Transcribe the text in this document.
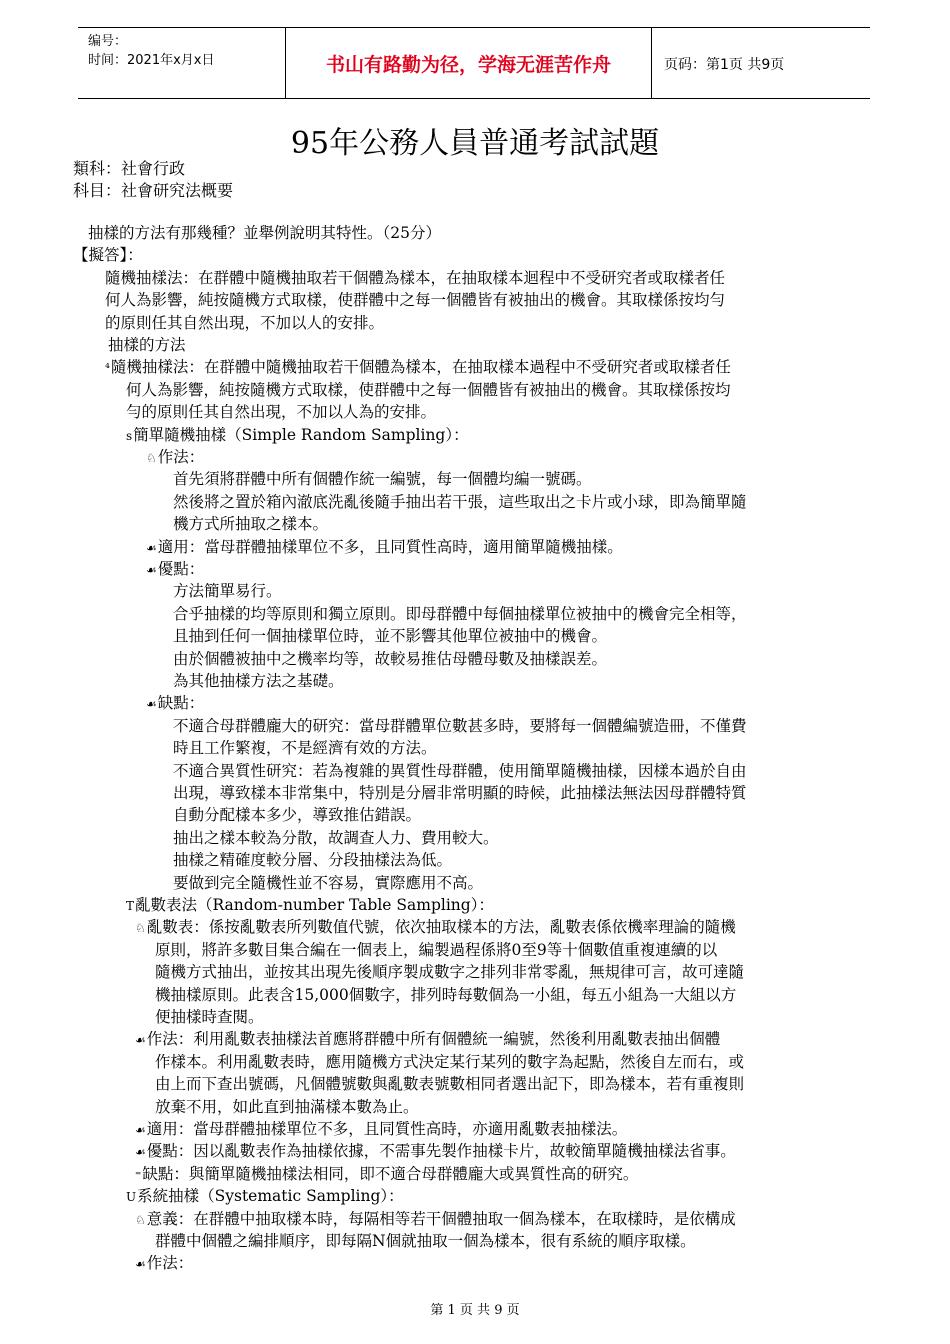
编号：
时间：2021年x月x日	书山有路勤为径，学海无涯苦作舟	页码：第1页 共9页
95年公務人員普通考試試題
類科：社會行政
科目：社會研究法概要
抽樣的方法有那幾種？並舉例說明其特性。（25分）
【擬答】：
隨機抽樣法：在群體中隨機抽取若干個體為樣本，在抽取樣本迴程中不受研究者或取樣者任
何人為影響，純按隨機方式取樣，使群體中之每一個體皆有被抽出的機會。其取樣係按均勻
的原則任其自然出現，不加以人的安排。
抽樣的方法
⁴隨機抽樣法：在群體中隨機抽取若干個體為樣本，在抽取樣本過程中不受研究者或取樣者任
何人為影響，純按隨機方式取樣，使群體中之每一個體皆有被抽出的機會。其取樣係按均
勻的原則任其自然出現，不加以人為的安排。
s簡單隨機抽樣（Simple Random Sampling）：
♘作法：
首先須將群體中所有個體作統一編號，每一個體均編一號碼。
然後將之置於箱內澈底洗亂後隨手抽出若干張，這些取出之卡片或小球，即為簡單隨
機方式所抽取之樣本。
☙適用：當母群體抽樣單位不多，且同質性高時，適用簡單隨機抽樣。
☙優點：
方法簡單易行。
合乎抽樣的均等原則和獨立原則。即母群體中每個抽樣單位被抽中的機會完全相等，
且抽到任何一個抽樣單位時，並不影響其他單位被抽中的機會。
由於個體被抽中之機率均等，故較易推估母體母數及抽樣誤差。
為其他抽樣方法之基礎。
☙缺點：
不適合母群體龐大的研究：當母群體單位數甚多時，要將每一個體編號造冊，不僅費
時且工作繁複，不是經濟有效的方法。
不適合異質性研究：若為複雜的異質性母群體，使用簡單隨機抽樣，因樣本過於自由
出現，導致樣本非常集中，特別是分層非常明顯的時候，此抽樣法無法因母群體特質
自動分配樣本多少，導致推估錯誤。
抽出之樣本較為分散，故調查人力、費用較大。
抽樣之精確度較分層、分段抽樣法為低。
要做到完全隨機性並不容易，實際應用不高。
T亂數表法（Random-number Table Sampling）：
♘亂數表：係按亂數表所列數值代號，依次抽取樣本的方法，亂數表係依機率理論的隨機
原則，將許多數目集合編在一個表上，編製過程係將0至9等十個數值重複連續的以
隨機方式抽出，並按其出現先後順序製成數字之排列非常零亂，無規律可言，故可達隨
機抽樣原則。此表含15,000個數字，排列時每數個為一小組，每五小組為一大組以方
便抽樣時查閱。
☙作法：利用亂數表抽樣法首應將群體中所有個體統一編號，然後利用亂數表抽出個體
作樣本。利用亂數表時，應用隨機方式決定某行某列的數字為起點，然後自左而右，或
由上而下查出號碼，凡個體號數與亂數表號數相同者選出記下，即為樣本，若有重複則
放棄不用，如此直到抽滿樣本數為止。
☙適用：當母群體抽樣單位不多，且同質性高時，亦適用亂數表抽樣法。
☙優點：因以亂數表作為抽樣依據，不需事先製作抽樣卡片，故較簡單隨機抽樣法省事。
⁼缺點：與簡單隨機抽樣法相同，即不適合母群體龐大或異質性高的研究。
U系統抽樣（Systematic Sampling）：
♘意義：在群體中抽取樣本時，每隔相等若干個體抽取一個為樣本，在取樣時，是依構成
群體中個體之編排順序，即每隔N個就抽取一個為樣本，很有系統的順序取樣。
☙作法：
第 1 页 共 9 页
